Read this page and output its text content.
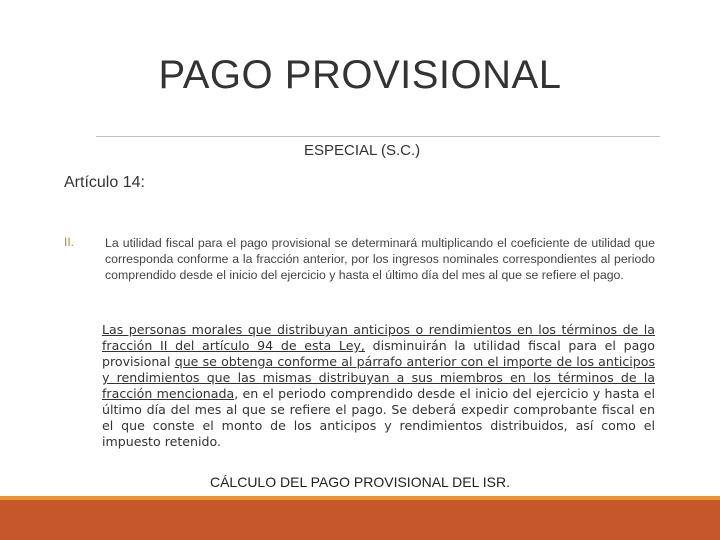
PAGO PROVISIONAL
ESPECIAL (S.C.)
Artículo 14:
II.	La utilidad fiscal para el pago provisional se determinará multiplicando el coeficiente de utilidad que corresponda conforme a la fracción anterior, por los ingresos nominales correspondientes al periodo comprendido desde el inicio del ejercicio y hasta el último día del mes al que se refiere el pago.
Las personas morales que distribuyan anticipos o rendimientos en los términos de la fracción II del artículo 94 de esta Ley, disminuirán la utilidad fiscal para el pago provisional que se obtenga conforme al párrafo anterior con el importe de los anticipos y rendimientos que las mismas distribuyan a sus miembros en los términos de la fracción mencionada, en el periodo comprendido desde el inicio del ejercicio y hasta el último día del mes al que se refiere el pago. Se deberá expedir comprobante fiscal en el que conste el monto de los anticipos y rendimientos distribuidos, así como el impuesto retenido.
CÁLCULO DEL PAGO PROVISIONAL DEL ISR.
